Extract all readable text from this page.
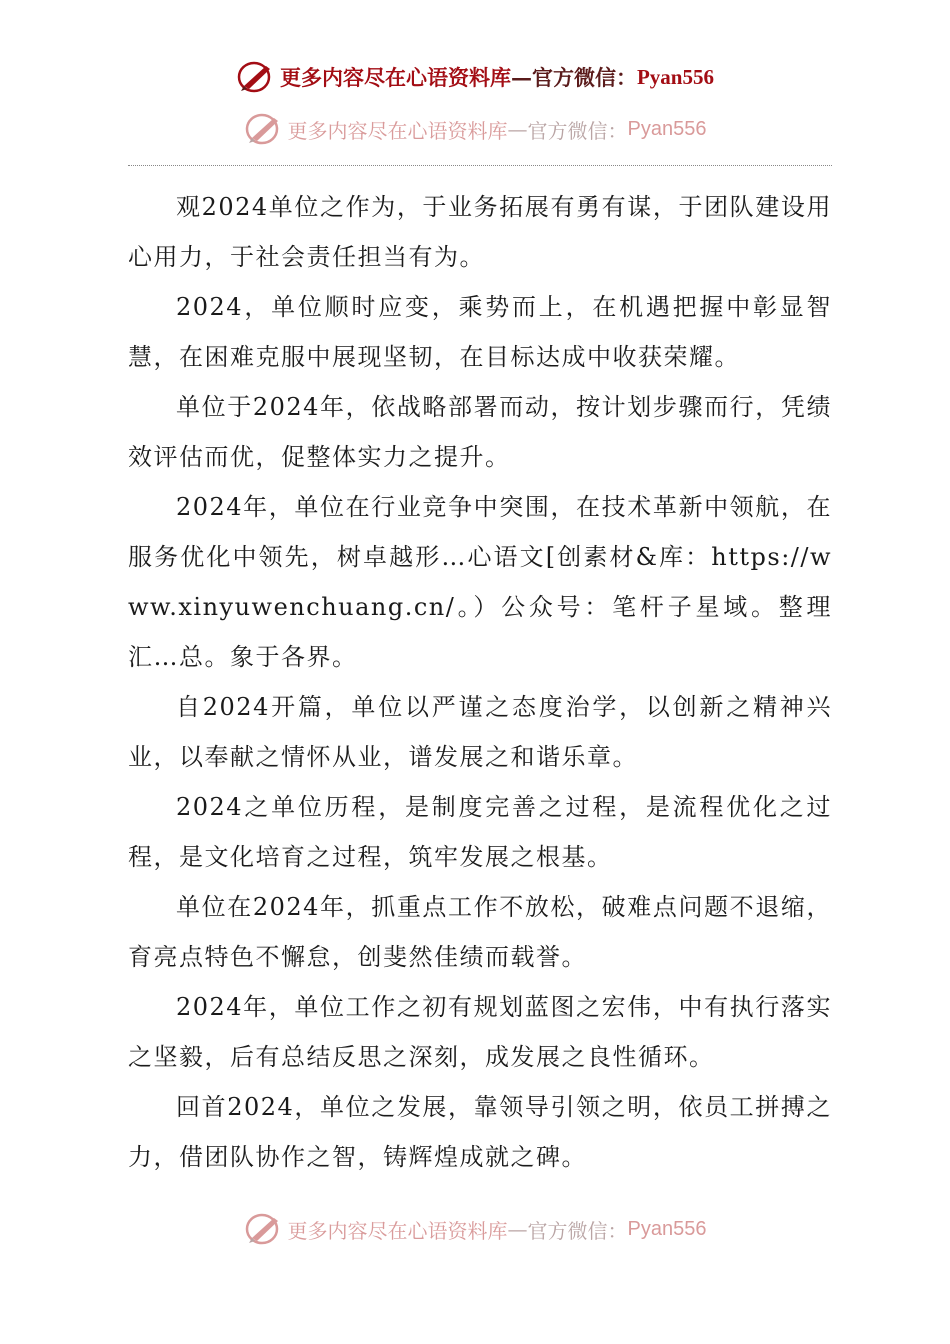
更多内容尽在心语资料库 — 官方微信： Pyan556
更多内容尽在心语资料库 — 官方微信： Pyan556

观2024单位之作为，于业务拓展有勇有谋，于团队建设用心用力，于社会责任担当有为。

2024，单位顺时应变，乘势而上，在机遇把握中彰显智慧，在困难克服中展现坚韧，在目标达成中收获荣耀。

单位于2024年，依战略部署而动，按计划步骤而行，凭绩效评估而优，促整体实力之提升。

2024年，单位在行业竞争中突围，在技术革新中领航，在服务优化中领先，树卓越形…心语文[创素材&库：https://www.xinyuwenchuang.cn/。）公众号：笔杆子星域。整理汇…总。象于各界。

自2024开篇，单位以严谨之态度治学，以创新之精神兴业，以奉献之情怀从业，谱发展之和谐乐章。

2024之单位历程，是制度完善之过程，是流程优化之过程，是文化培育之过程，筑牢发展之根基。

单位在2024年，抓重点工作不放松，破难点问题不退缩，育亮点特色不懈怠，创斐然佳绩而载誉。

2024年，单位工作之初有规划蓝图之宏伟，中有执行落实之坚毅，后有总结反思之深刻，成发展之良性循环。

回首2024，单位之发展，靠领导引领之明，依员工拼搏之力，借团队协作之智，铸辉煌成就之碑。

更多内容尽在心语资料库 — 官方微信： Pyan556
